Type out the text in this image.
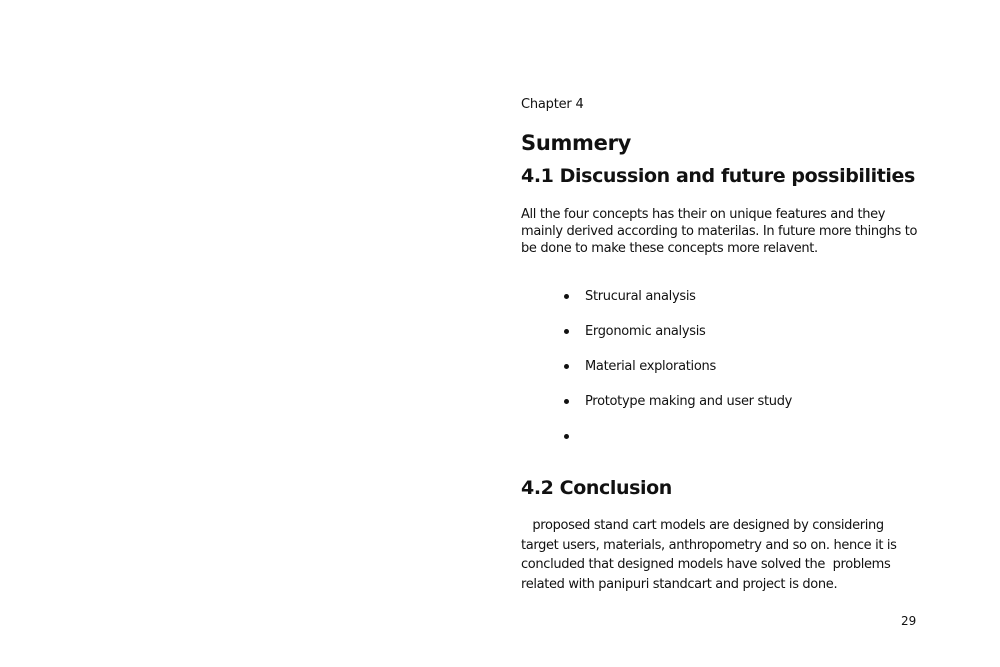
Chapter 4
Summery
4.1 Discussion and future possibilities

All the four concepts has their on unique features and they mainly derived according to materilas. In future more thinghs to be done to make these concepts more relavent.

Strucural analysis
Ergonomic analysis
Material explorations
Prototype making and user study
4.2 Conclusion

proposed stand cart models are designed by considering target users, materials, anthropometry and so on. hence it is concluded that designed models have solved the  problems related with panipuri standcart and project is done.

29
